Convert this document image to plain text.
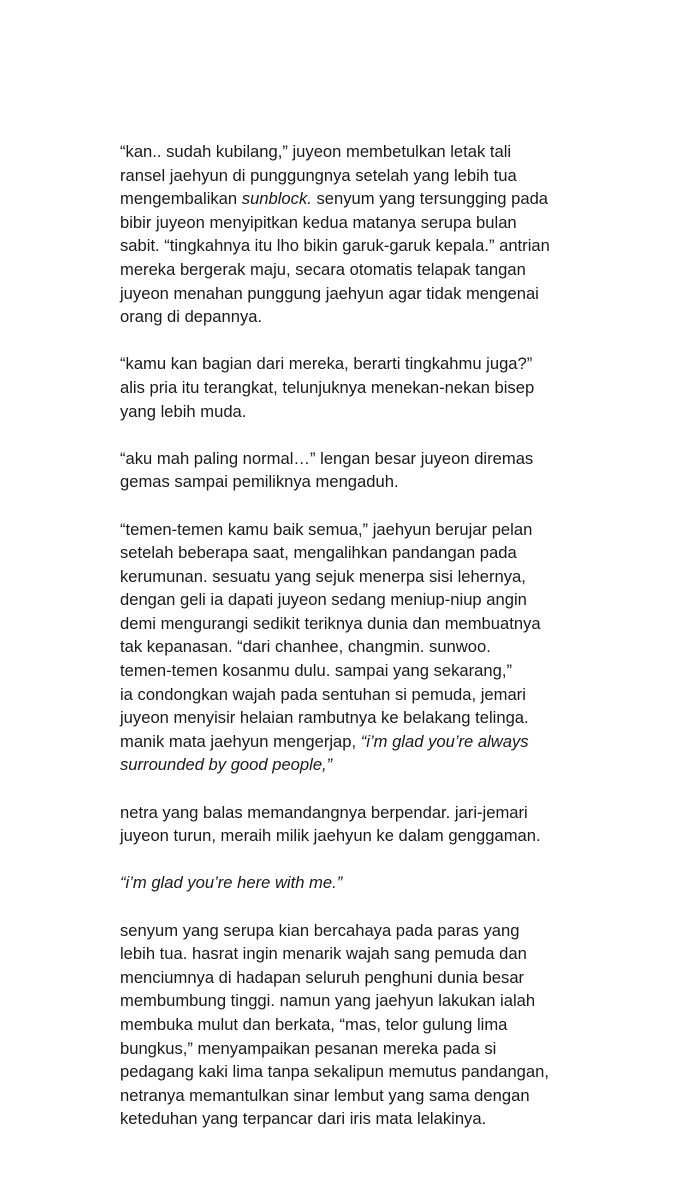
“kan.. sudah kubilang,” juyeon membetulkan letak tali
ransel jaehyun di punggungnya setelah yang lebih tua
mengembalikan sunblock. senyum yang tersungging pada
bibir juyeon menyipitkan kedua matanya serupa bulan
sabit. “tingkahnya itu lho bikin garuk-garuk kepala.” antrian
mereka bergerak maju, secara otomatis telapak tangan
juyeon menahan punggung jaehyun agar tidak mengenai
orang di depannya.

“kamu kan bagian dari mereka, berarti tingkahmu juga?”
alis pria itu terangkat, telunjuknya menekan-nekan bisep
yang lebih muda.

“aku mah paling normal…” lengan besar juyeon diremas
gemas sampai pemiliknya mengaduh.

“temen-temen kamu baik semua,” jaehyun berujar pelan
setelah beberapa saat, mengalihkan pandangan pada
kerumunan. sesuatu yang sejuk menerpa sisi lehernya,
dengan geli ia dapati juyeon sedang meniup-niup angin
demi mengurangi sedikit teriknya dunia dan membuatnya
tak kepanasan. “dari chanhee, changmin. sunwoo.
temen-temen kosanmu dulu. sampai yang sekarang,”
ia condongkan wajah pada sentuhan si pemuda, jemari
juyeon menyisir helaian rambutnya ke belakang telinga.
manik mata jaehyun mengerjap, “i’m glad you’re always
surrounded by good people,”

netra yang balas memandangnya berpendar. jari-jemari
juyeon turun, meraih milik jaehyun ke dalam genggaman.

“i’m glad you’re here with me.”

senyum yang serupa kian bercahaya pada paras yang
lebih tua. hasrat ingin menarik wajah sang pemuda dan
menciumnya di hadapan seluruh penghuni dunia besar
membumbung tinggi. namun yang jaehyun lakukan ialah
membuka mulut dan berkata, “mas, telor gulung lima
bungkus,” menyampaikan pesanan mereka pada si
pedagang kaki lima tanpa sekalipun memutus pandangan,
netranya memantulkan sinar lembut yang sama dengan
keteduhan yang terpancar dari iris mata lelakinya.
